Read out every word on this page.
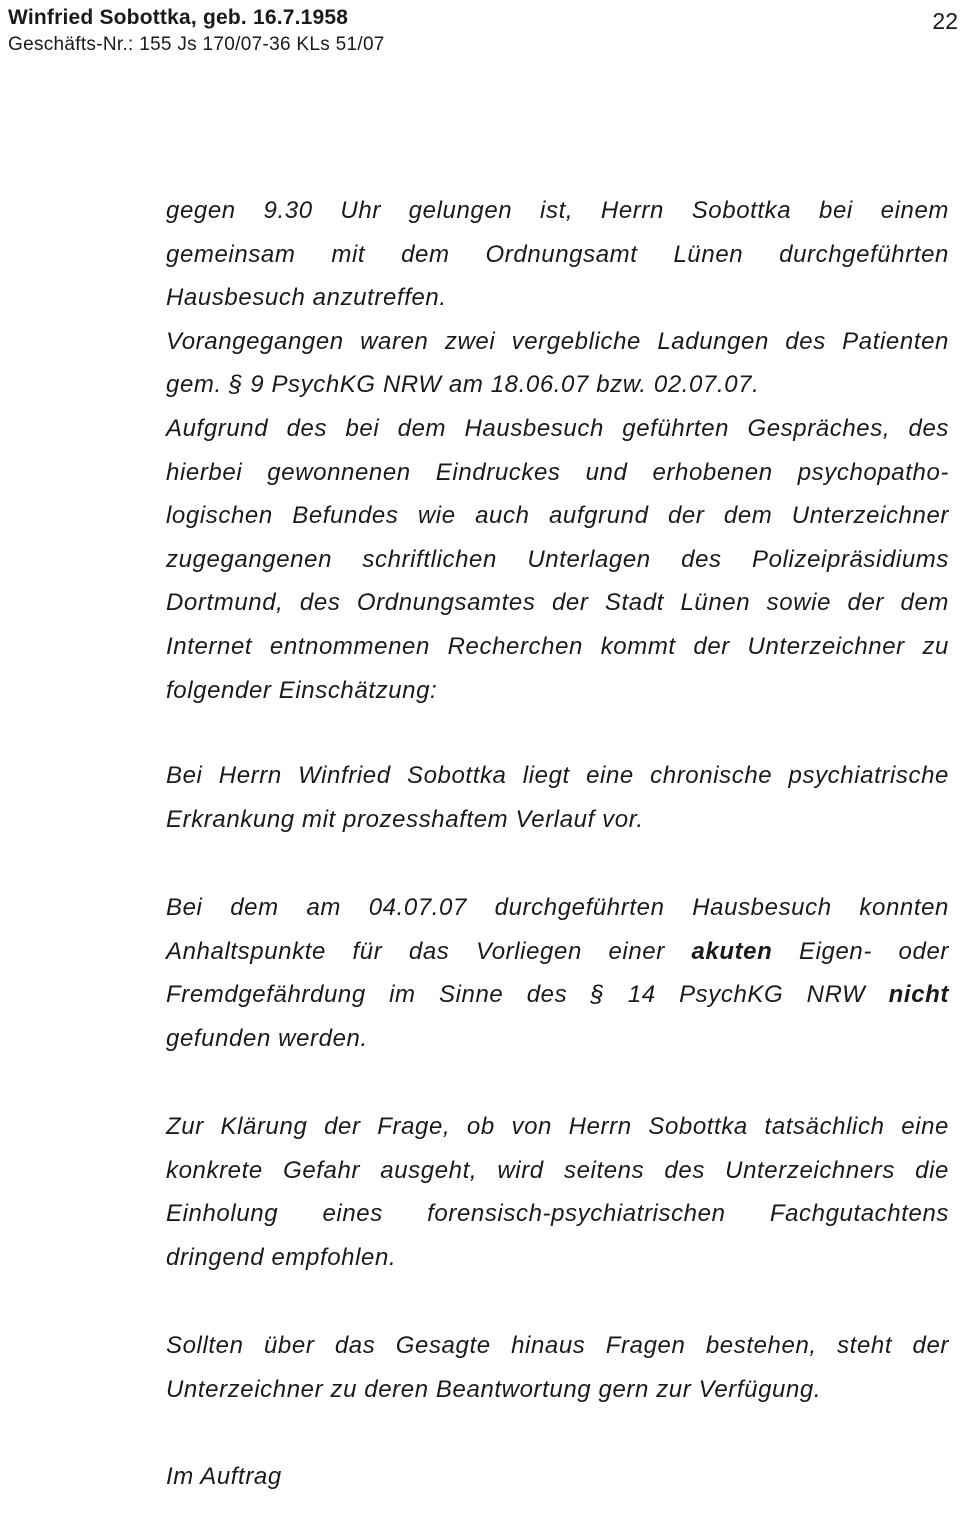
Winfried Sobottka, geb. 16.7.1958
Geschäfts-Nr.: 155 Js 170/07-36 KLs 51/07
22
gegen 9.30 Uhr gelungen ist, Herrn Sobottka bei einem
gemeinsam mit dem Ordnungsamt Lünen durchgeführten
Hausbesuch anzutreffen.
Vorangegangen waren zwei vergebliche Ladungen des Patienten
gem. § 9 PsychKG NRW am 18.06.07 bzw. 02.07.07.
Aufgrund des bei dem Hausbesuch geführten Gespräches, des
hierbei gewonnenen Eindruckes und erhobenen psychopatho-
logischen Befundes wie auch aufgrund der dem Unterzeichner
zugegangenen schriftlichen Unterlagen des Polizeipräsidiums
Dortmund, des Ordnungsamtes der Stadt Lünen sowie der dem
Internet entnommenen Recherchen kommt der Unterzeichner zu
folgender Einschätzung:
Bei Herrn Winfried Sobottka liegt eine chronische psychiatrische
Erkrankung mit prozesshaftem Verlauf vor.
Bei dem am 04.07.07 durchgeführten Hausbesuch konnten
Anhaltspunkte für das Vorliegen einer akuten Eigen- oder
Fremdgefährdung im Sinne des § 14 PsychKG NRW nicht
gefunden werden.
Zur Klärung der Frage, ob von Herrn Sobottka tatsächlich eine
konkrete Gefahr ausgeht, wird seitens des Unterzeichners die
Einholung eines forensisch-psychiatrischen Fachgutachtens
dringend empfohlen.
Sollten über das Gesagte hinaus Fragen bestehen, steht der
Unterzeichner zu deren Beantwortung gern zur Verfügung.
Im Auftrag
